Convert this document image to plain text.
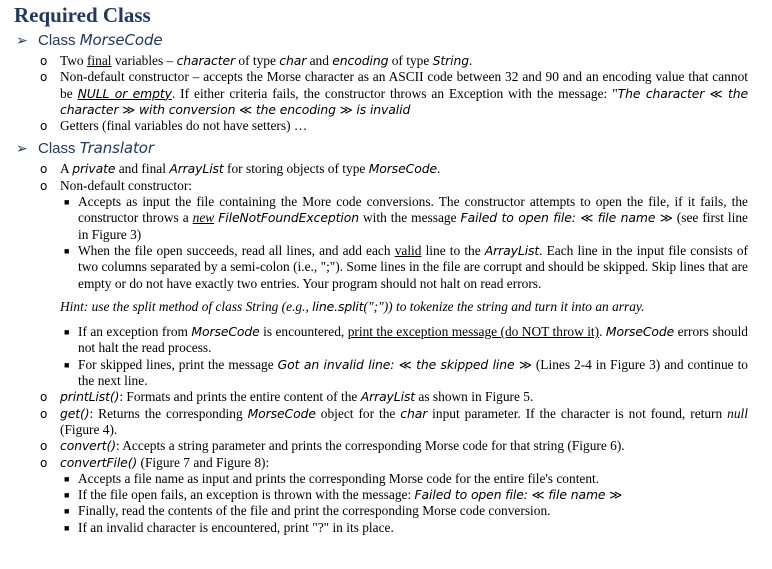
Required Class
➢ Class MorseCode
o Two final variables – character of type char and encoding of type String.
o Non-default constructor – accepts the Morse character as an ASCII code between 32 and 90 and an encoding value that cannot be NULL or empty. If either criteria fails, the constructor throws an Exception with the message: "The character ≪ the character ≫ with conversion ≪ the encoding ≫ is invalid
o Getters (final variables do not have setters) …
➢ Class Translator
o A private and final ArrayList for storing objects of type MorseCode.
o Non-default constructor:
■ Accepts as input the file containing the More code conversions. The constructor attempts to open the file, if it fails, the constructor throws a new FileNotFoundException with the message Failed to open file: ≪ file name ≫ (see first line in Figure 3)
■ When the file open succeeds, read all lines, and add each valid line to the ArrayList. Each line in the input file consists of two columns separated by a semi-colon (i.e., ";"). Some lines in the file are corrupt and should be skipped. Skip lines that are empty or do not have exactly two entries. Your program should not halt on read errors.
Hint: use the split method of class String (e.g., line.split(";")) to tokenize the string and turn it into an array.
■ If an exception from MorseCode is encountered, print the exception message (do NOT throw it). MorseCode errors should not halt the read process.
■ For skipped lines, print the message Got an invalid line: ≪ the skipped line ≫ (Lines 2-4 in Figure 3) and continue to the next line.
o printList(): Formats and prints the entire content of the ArrayList as shown in Figure 5.
o get(): Returns the corresponding MorseCode object for the char input parameter. If the character is not found, return null (Figure 4).
o convert(): Accepts a string parameter and prints the corresponding Morse code for that string (Figure 6).
o convertFile() (Figure 7 and Figure 8):
■ Accepts a file name as input and prints the corresponding Morse code for the entire file's content.
■ If the file open fails, an exception is thrown with the message: Failed to open file: ≪ file name ≫
■ Finally, read the contents of the file and print the corresponding Morse code conversion.
■ If an invalid character is encountered, print "?" in its place.
